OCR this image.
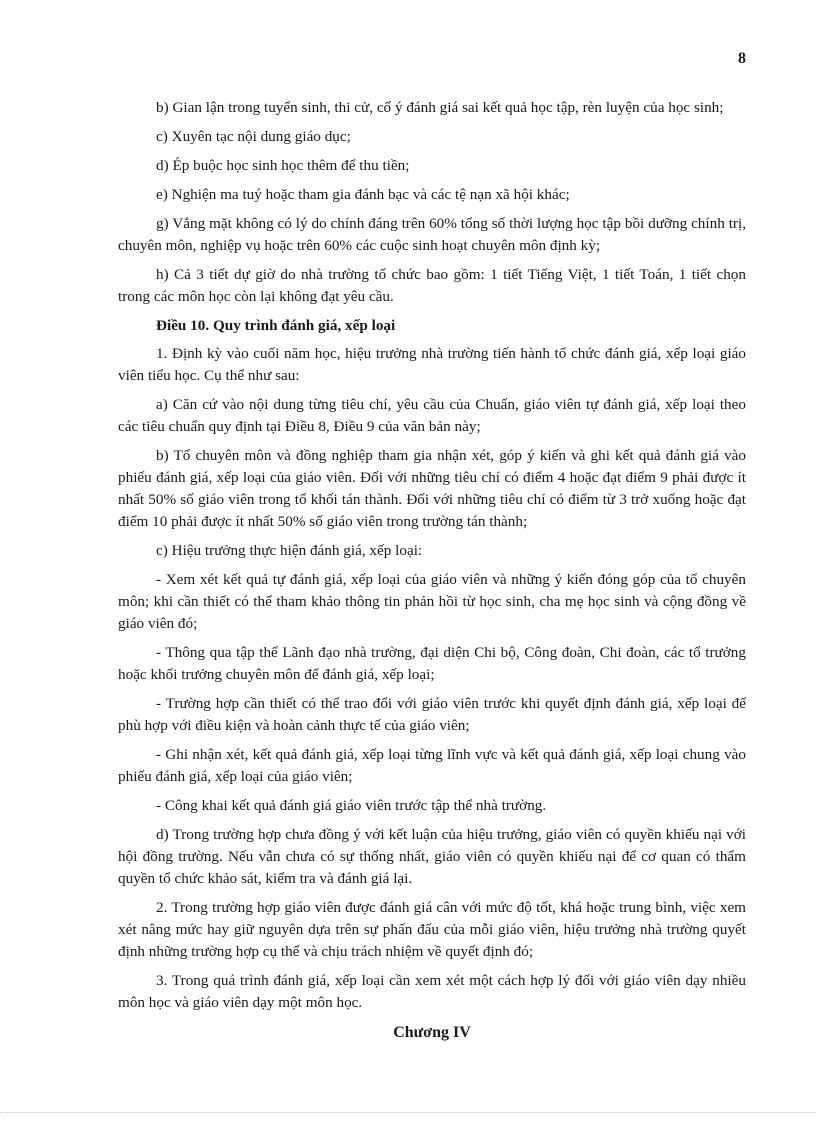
8

b) Gian lận trong tuyển sinh, thi cử, cố ý đánh giá sai kết quả học tập, rèn luyện của học sinh;

c) Xuyên tạc nội dung giáo dục;

d) Ép buộc học sinh học thêm để thu tiền;

e) Nghiện ma tuý hoặc tham gia đánh bạc và các tệ nạn xã hội khác;

g) Vắng mặt không có lý do chính đáng trên 60% tổng số thời lượng học tập bồi dưỡng chính trị, chuyên môn, nghiệp vụ hoặc trên 60% các cuộc sinh hoạt chuyên môn định kỳ;

h) Cả 3 tiết dự giờ do nhà trường tổ chức bao gồm: 1 tiết Tiếng Việt, 1 tiết Toán, 1 tiết chọn trong các môn học còn lại không đạt yêu cầu.

Điều 10. Quy trình đánh giá, xếp loại

1. Định kỳ vào cuối năm học, hiệu trưởng nhà trường tiến hành tổ chức đánh giá, xếp loại giáo viên tiểu học. Cụ thể như sau:

a) Căn cứ vào nội dung từng tiêu chí, yêu cầu của Chuẩn, giáo viên tự đánh giá, xếp loại theo các tiêu chuẩn quy định tại Điều 8, Điều 9 của văn bản này;

b) Tổ chuyên môn và đồng nghiệp tham gia nhận xét, góp ý kiến và ghi kết quả đánh giá vào phiếu đánh giá, xếp loại của giáo viên. Đối với những tiêu chí có điểm 4 hoặc đạt điểm 9 phải được ít nhất 50% số giáo viên trong tổ khối tán thành. Đối với những tiêu chí có điểm từ 3 trở xuống hoặc đạt điểm 10 phải được ít nhất 50% số giáo viên trong trường tán thành;

c) Hiệu trưởng thực hiện đánh giá, xếp loại:

- Xem xét kết quả tự đánh giá, xếp loại của giáo viên và những ý kiến đóng góp của tổ chuyên môn; khi cần thiết có thể tham khảo thông tin phản hồi từ học sinh, cha mẹ học sinh và cộng đồng về giáo viên đó;

- Thông qua tập thể Lãnh đạo nhà trường, đại diện Chi bộ, Công đoàn, Chi đoàn, các tổ trưởng hoặc khối trưởng chuyên môn để đánh giá, xếp loại;

- Trường hợp cần thiết có thể trao đổi với giáo viên trước khi quyết định đánh giá, xếp loại để phù hợp với điều kiện và hoàn cảnh thực tế của giáo viên;

- Ghi nhận xét, kết quả đánh giá, xếp loại từng lĩnh vực và kết quả đánh giá, xếp loại chung vào phiếu đánh giá, xếp loại của giáo viên;

- Công khai kết quả đánh giá giáo viên trước tập thể nhà trường.

d) Trong trường hợp chưa đồng ý với kết luận của hiệu trưởng, giáo viên có quyền khiếu nại với hội đồng trường. Nếu vẫn chưa có sự thống nhất, giáo viên có quyền khiếu nại để cơ quan có thẩm quyền tổ chức khảo sát, kiểm tra và đánh giá lại.

2. Trong trường hợp giáo viên được đánh giá cân với mức độ tốt, khá hoặc trung bình, việc xem xét nâng mức hay giữ nguyên dựa trên sự phấn đấu của mỗi giáo viên, hiệu trưởng nhà trường quyết định những trường hợp cụ thể và chịu trách nhiệm về quyết định đó;

3. Trong quá trình đánh giá, xếp loại cần xem xét một cách hợp lý đối với giáo viên dạy nhiều môn học và giáo viên dạy một môn học.

Chương IV
